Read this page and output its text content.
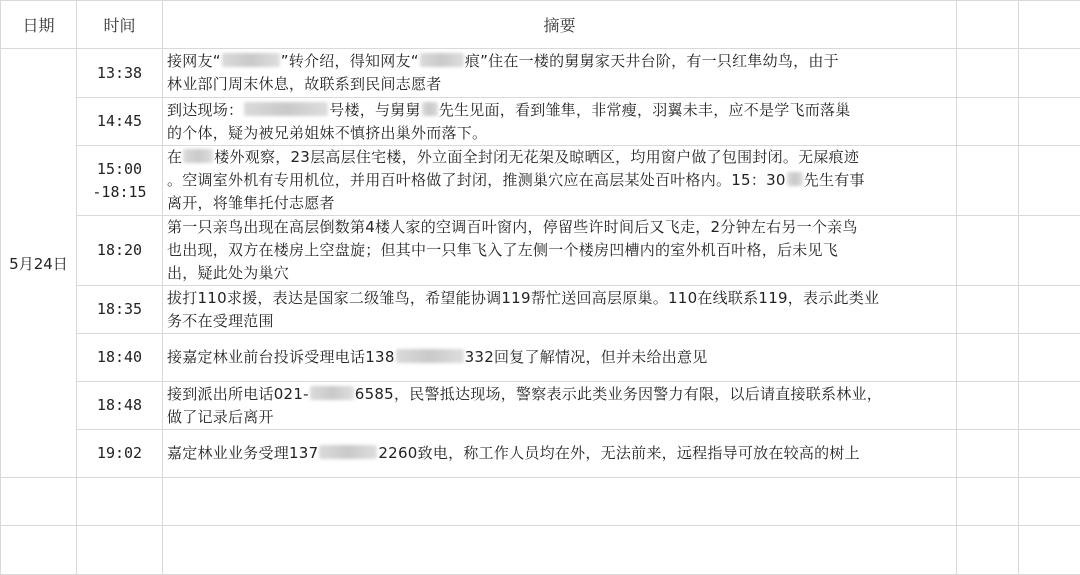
日期	时间	摘要		
5月24日	13:38	接网友“ ”转介绍，得知网友“ 痕”住在一楼的舅舅家天井台阶，有一只红隼幼鸟，由于
林业部门周末休息，故联系到民间志愿者		

	14:45	到达现场： 号楼，与舅舅 先生见面，看到雏隼，非常瘦，羽翼未丰，应不是学飞而落巢
的个体，疑为被兄弟姐妹不慎挤出巢外而落下。		

	15:00
-18:15	在 楼外观察，23层高层住宅楼，外立面全封闭无花架及晾晒区，均用窗户做了包围封闭。无屎痕迹
。空调室外机有专用机位，并用百叶格做了封闭，推测巢穴应在高层某处百叶格内。15：30 先生有事
离开，将雏隼托付志愿者		

	18:20	第一只亲鸟出现在高层倒数第4楼人家的空调百叶窗内，停留些许时间后又飞走，2分钟左右另一个亲鸟
也出现，双方在楼房上空盘旋；但其中一只隼飞入了左侧一个楼房凹槽内的室外机百叶格，后未见飞
出，疑此处为巢穴		

	18:35	拔打110求援，表达是国家二级雏鸟，希望能协调119帮忙送回高层原巢。110在线联系119，表示此类业
务不在受理范围		

	18:40	接嘉定林业前台投诉受理电话138 332回复了解情况，但并未给出意见		

	18:48	接到派出所电话021- 6585，民警抵达现场，警察表示此类业务因警力有限，以后请直接联系林业，
做了记录后离开		

	19:02	嘉定林业业务受理137 2260致电，称工作人员均在外，无法前来，远程指导可放在较高的树上		
